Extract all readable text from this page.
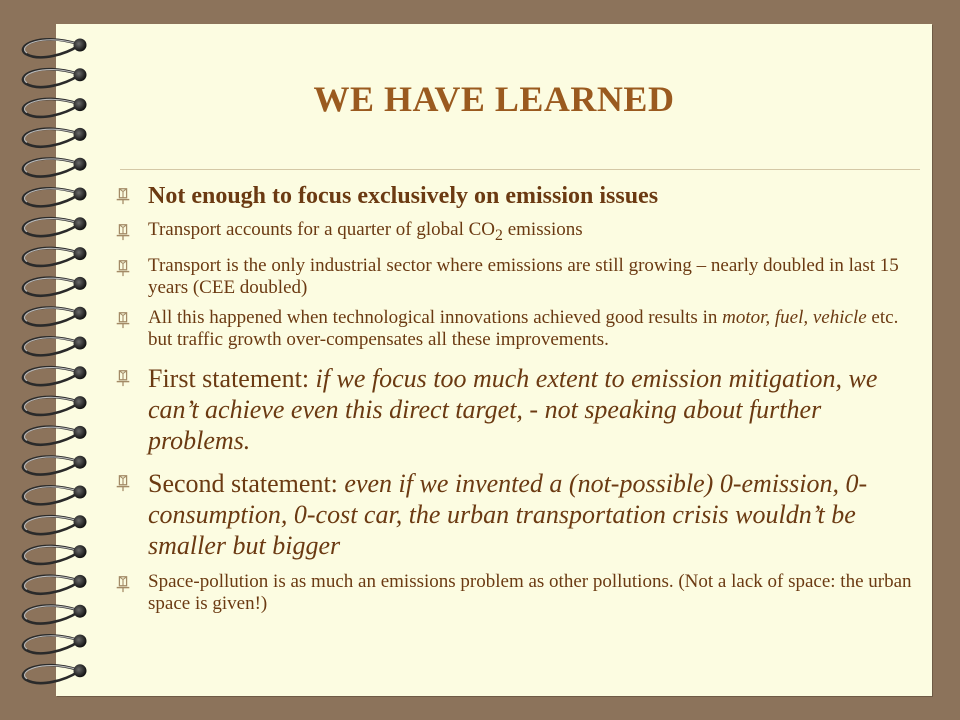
WE HAVE LEARNED
Not enough to focus exclusively on emission issues
Transport accounts for a quarter of global $CO_2$ emissions
Transport is the only industrial sector where emissions are still growing – nearly doubled in last 15 years (CEE doubled)
All this happened when technological innovations achieved good results in motor, fuel, vehicle etc. but traffic growth over-compensates all these improvements.
First statement: if we focus too much extent to emission mitigation, we can’t achieve even this direct target, - not speaking about further problems.
Second statement: even if we invented a (not-possible) 0-emission, 0-consumption, 0-cost car, the urban transportation crisis wouldn’t be smaller but bigger
Space-pollution is as much an emissions problem as other pollutions. (Not a lack of space: the urban space is given!)
